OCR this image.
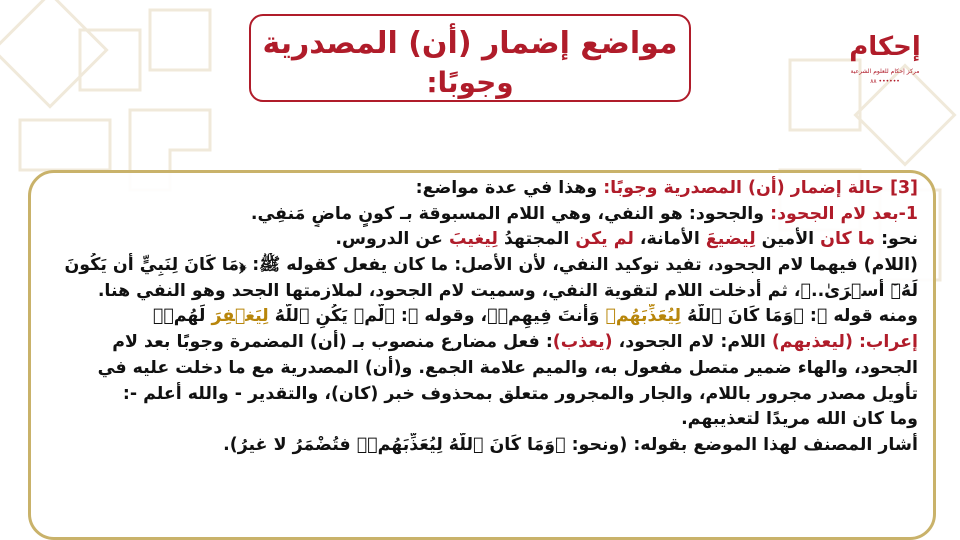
إحكام
مركز إحكام للعلوم الشرعية
•••••• ٨٨
مواضع إضمار (أن) المصدرية
وجوبًا:
[3] حالة إضمار (أن) المصدرية وجوبًا: وهذا في عدة مواضع:
1-بعد لام الجحود: والجحود: هو النفي، وهي اللام المسبوقة بـ كونٍ ماضٍ مَنفِي.
نحو: ما كان الأمين لِيضيعَ الأمانة، لم يكن المجتهدُ لِيغيبَ عن الدروس.
(اللام) فيهما لام الجحود، تفيد توكيد النفي، لأن الأصل: ما كان يفعل كقوله ﷺ: ﴿مَا كَانَ لِنَبِيٍّ أَن يَكُونَ
لَهُۥٓ أَسۡرَىٰ..﴾، ثم أدخلت اللام لتقوية النفي، وسميت لام الجحود، لملازمتها الجحد وهو النفي هنا.
ومنه قوله ﷺ: ﴿وَمَا كَانَ ٱللَّهُ لِيُعَذِّبَهُمۡ وَأَنتَ فِيهِمۡ﴾، وقوله ﷺ: ﴿لَّمۡ يَكُنِ ٱللَّهُ لِيَغۡفِرَ لَهُمۡ﴾
إعراب: (ليعذبهم) اللام: لام الجحود، (يعذب): فعل مضارع منصوب بـ (أن) المضمرة وجوبًا بعد لام
الجحود، والهاء ضمير متصل مفعول به، والميم علامة الجمع. و(أن) المصدرية مع ما دخلت عليه في
تأويل مصدر مجرور باللام، والجار والمجرور متعلق بمحذوف خبر (كان)، والتقدير - والله أعلم -:
وما كان الله مريدًا لتعذيبهم.
أشار المصنف لهذا الموضع بقوله: (ونحو: ﴿وَمَا كَانَ ٱللَّهُ لِيُعَذِّبَهُمۡ﴾ فتُضْمَرُ لا غيرُ).
